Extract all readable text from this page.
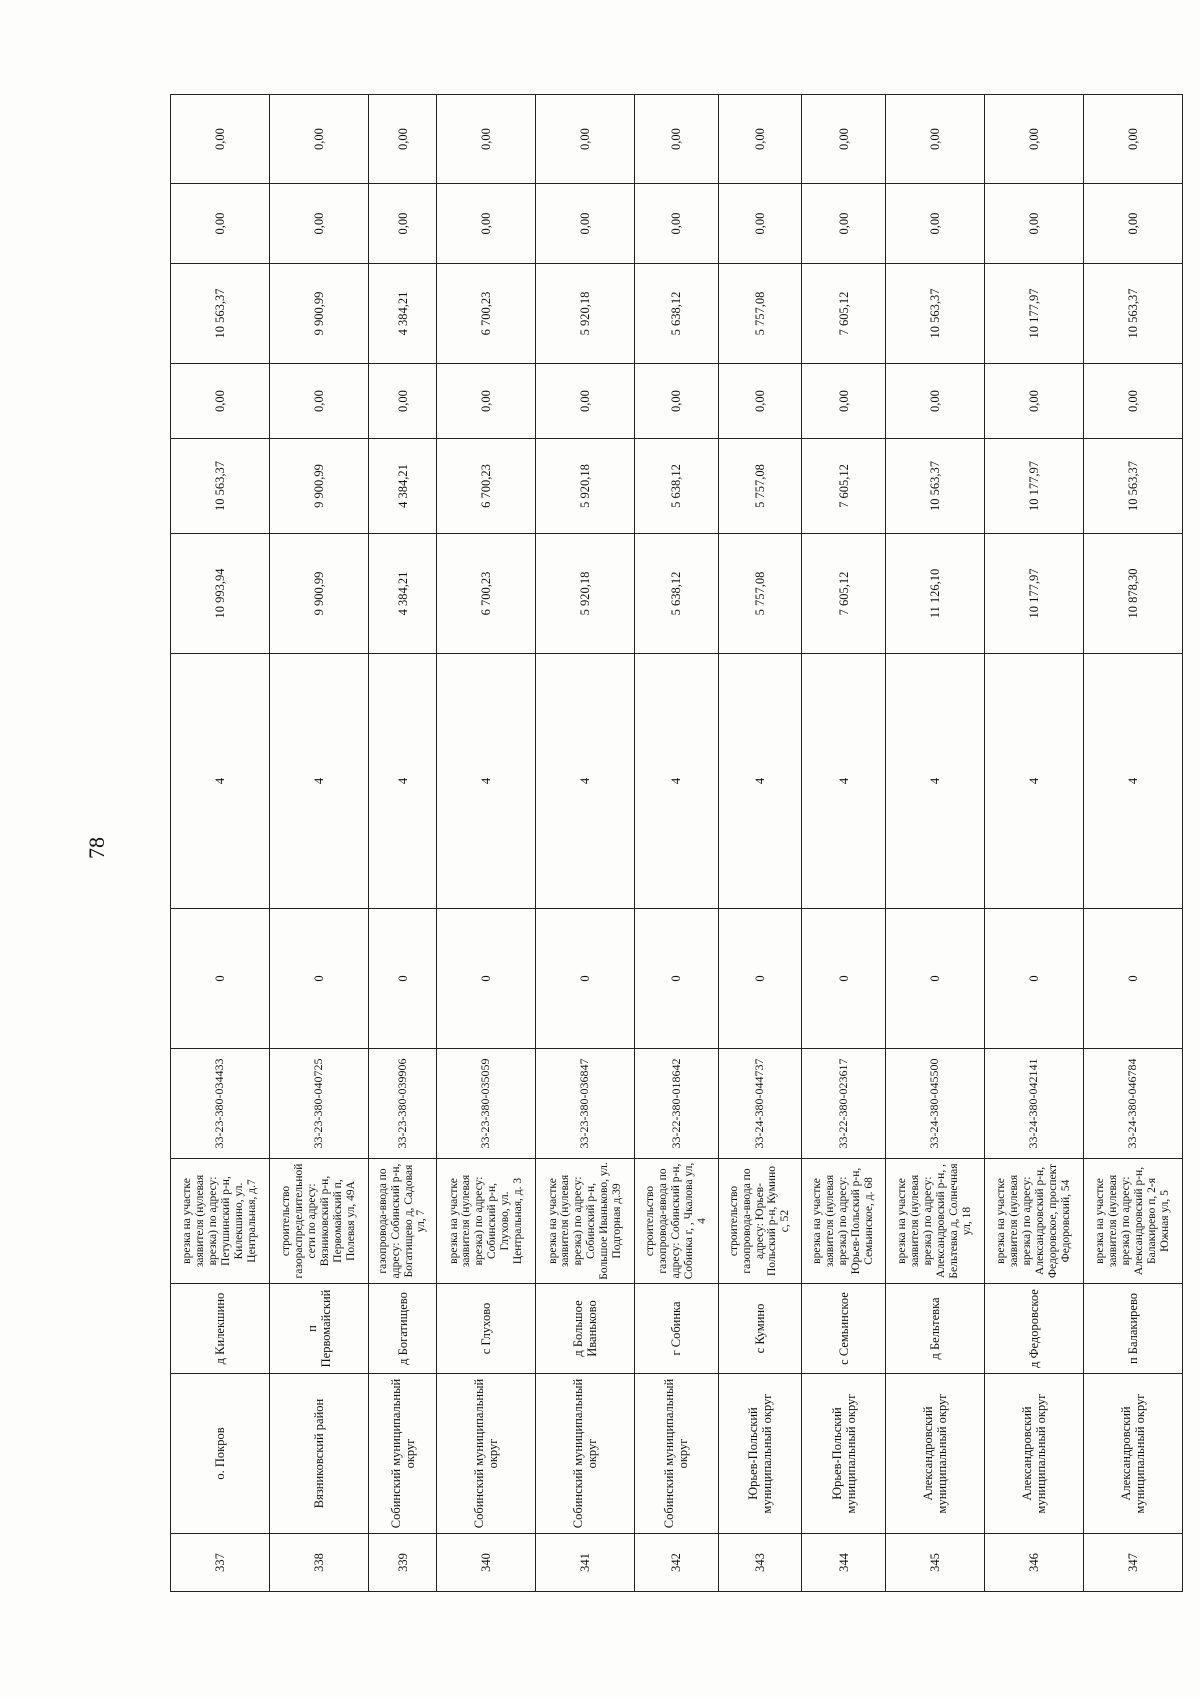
78
337	о. Покров	д Килекшино	врезка на участке заявителя (нулевая врезка) по адресу: Петушинский р-н, Килекшино, ул. Центральная, д.7	33-23-380-034433	0	4	10 993,94	10 563,37	0,00	10 563,37	0,00	0,00
338	Вязниковский район	п Первомайский	строительство газораспределительной сети по адресу: Вязниковский р-н, Первомайский п, Полевая ул, 49А	33-23-380-040725	0	4	9 900,99	9 900,99	0,00	9 900,99	0,00	0,00
339	Собинский муниципальный округ	д Богатищево	газопровода-ввода по адресу: Собинский р-н, Богатищево д, Садовая ул, 7	33-23-380-039906	0	4	4 384,21	4 384,21	0,00	4 384,21	0,00	0,00
340	Собинский муниципальный округ	с Глухово	врезка на участке заявителя (нулевая врезка) по адресу: Собинский р-н, Глухово, ул. Центральная, д. 3	33-23-380-035059	0	4	6 700,23	6 700,23	0,00	6 700,23	0,00	0,00
341	Собинский муниципальный округ	д Большое Иваньково	врезка на участке заявителя (нулевая врезка) по адресу: Собинский р-н, Большое Иваньково, ул. Подгорная д.39	33-23-380-036847	0	4	5 920,18	5 920,18	0,00	5 920,18	0,00	0,00
342	Собинский муниципальный округ	г Собинка	строительство газопровода-ввода по адресу: Собинский р-н, Собинка г, , Чкалова ул, 4	33-22-380-018642	0	4	5 638,12	5 638,12	0,00	5 638,12	0,00	0,00
343	Юрьев-Польский муниципальный округ	с Кумино	строительство газопровода-ввода по адресу: Юрьев-Польский р-н, Кумино с, 52	33-24-380-044737	0	4	5 757,08	5 757,08	0,00	5 757,08	0,00	0,00
344	Юрьев-Польский муниципальный округ	с Семьинское	врезка на участке заявителя (нулевая врезка) по адресу: Юрьев-Польский р-н, Семьинское, д. 68	33-22-380-023617	0	4	7 605,12	7 605,12	0,00	7 605,12	0,00	0,00
345	Александровский муниципальный округ	д Бельтевка	врезка на участке заявителя (нулевая врезка) по адресу: Александровский р-н, , Бельтевка д, Солнечная ул, 18	33-24-380-045500	0	4	11 126,10	10 563,37	0,00	10 563,37	0,00	0,00
346	Александровский муниципальный округ	д Федоровское	врезка на участке заявителя (нулевая врезка) по адресу: Александровский р-н, Федоровское, проспект Федоровский, 54	33-24-380-042141	0	4	10 177,97	10 177,97	0,00	10 177,97	0,00	0,00
347	Александровский муниципальный округ	п Балакирево	врезка на участке заявителя (нулевая врезка) по адресу: Александровский р-н, Балакирево п, 2-я Южная ул, 5	33-24-380-046784	0	4	10 878,30	10 563,37	0,00	10 563,37	0,00	0,00
